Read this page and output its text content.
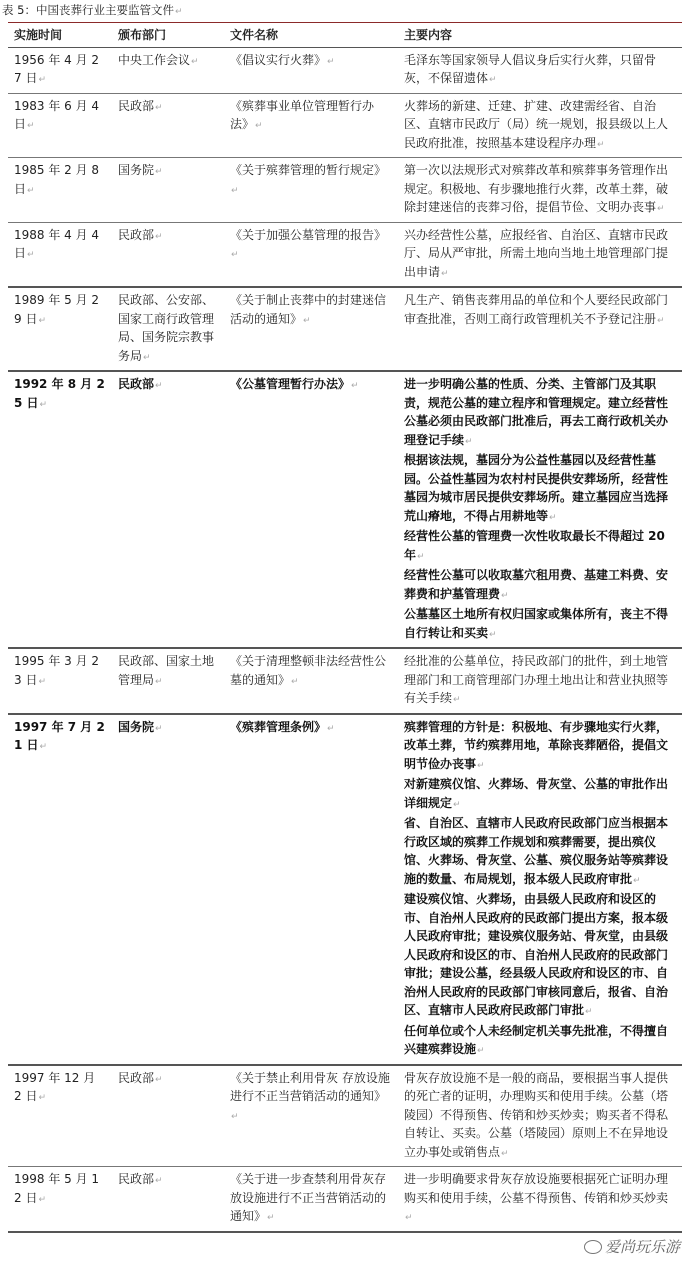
表 5：中国丧葬行业主要监管文件 ↵
实施时间	颁布部门	文件名称	主要内容
1956 年 4 月 27 日 ↵	中央工作会议 ↵	《倡议实行火葬》 ↵	毛泽东等国家领导人倡议身后实行火葬，只留骨灰，不保留遗体 ↵

1983 年 6 月 4 日 ↵	民政部 ↵	《殡葬事业单位管理暂行办法》 ↵	火葬场的新建、迁建、扩建、改建需经省、自治区、直辖市民政厅（局）统一规划，报县级以上人民政府批准，按照基本建设程序办理 ↵

1985 年 2 月 8 日 ↵	国务院 ↵	《关于殡葬管理的暂行规定》 ↵	第一次以法规形式对殡葬改革和殡葬事务管理作出规定。积极地、有步骤地推行火葬，改革土葬，破除封建迷信的丧葬习俗，提倡节俭、文明办丧事 ↵

1988 年 4 月 4 日 ↵	民政部 ↵	《关于加强公墓管理的报告》 ↵	兴办经营性公墓，应报经省、自治区、直辖市民政厅、局从严审批，所需土地向当地土地管理部门提出申请 ↵

1989 年 5 月 29 日 ↵	民政部、公安部、国家工商行政管理局、国务院宗教事务局 ↵	《关于制止丧葬中的封建迷信活动的通知》 ↵	凡生产、销售丧葬用品的单位和个人要经民政部门审查批准，否则工商行政管理机关不予登记注册 ↵

1992 年 8 月 25 日 ↵	民政部 ↵	《公墓管理暂行办法》 ↵	进一步明确公墓的性质、分类、主管部门及其职责，规范公墓的建立程序和管理规定。建立经营性公墓必须由民政部门批准后，再去工商行政机关办理登记手续 ↵

根据该法规，墓园分为公益性墓园以及经营性墓园。公益性墓园为农村村民提供安葬场所，经营性墓园为城市居民提供安葬场所。建立墓园应当选择荒山瘠地，不得占用耕地等 ↵

经营性公墓的管理费一次性收取最长不得超过 20 年 ↵

经营性公墓可以收取墓穴租用费、基建工料费、安葬费和护墓管理费 ↵

公墓墓区土地所有权归国家或集体所有，丧主不得自行转让和买卖 ↵

1995 年 3 月 23 日 ↵	民政部、国家土地管理局 ↵	《关于清理整顿非法经营性公墓的通知》 ↵	经批准的公墓单位，持民政部门的批件，到土地管理部门和工商管理部门办理土地出让和营业执照等有关手续 ↵

1997 年 7 月 21 日 ↵	国务院 ↵	《殡葬管理条例》 ↵	殡葬管理的方针是：积极地、有步骤地实行火葬，改革土葬，节约殡葬用地，革除丧葬陋俗，提倡文明节俭办丧事 ↵

对新建殡仪馆、火葬场、骨灰堂、公墓的审批作出详细规定 ↵

省、自治区、直辖市人民政府民政部门应当根据本行政区域的殡葬工作规划和殡葬需要，提出殡仪馆、火葬场、骨灰堂、公墓、殡仪服务站等殡葬设施的数量、布局规划，报本级人民政府审批 ↵

建设殡仪馆、火葬场，由县级人民政府和设区的市、自治州人民政府的民政部门提出方案，报本级人民政府审批；建设殡仪服务站、骨灰堂，由县级人民政府和设区的市、自治州人民政府的民政部门审批；建设公墓，经县级人民政府和设区的市、自治州人民政府的民政部门审核同意后，报省、自治区、直辖市人民政府民政部门审批 ↵

任何单位或个人未经制定机关事先批准，不得擅自兴建殡葬设施 ↵

1997 年 12 月 2 日 ↵	民政部 ↵	《关于禁止利用骨灰 存放设施进行不正当营销活动的通知》 ↵	骨灰存放设施不是一般的商品，要根据当事人提供的死亡者的证明，办理购买和使用手续。公墓（塔陵园）不得预售、传销和炒买炒卖；购买者不得私自转让、买卖。公墓（塔陵园）原则上不在异地设立办事处或销售点 ↵

1998 年 5 月 12 日 ↵	民政部 ↵	《关于进一步查禁利用骨灰存放设施进行不正当营销活动的通知》 ↵	进一步明确要求骨灰存放设施要根据死亡证明办理购买和使用手续，公墓不得预售、传销和炒买炒卖 ↵

爱尚玩乐游
